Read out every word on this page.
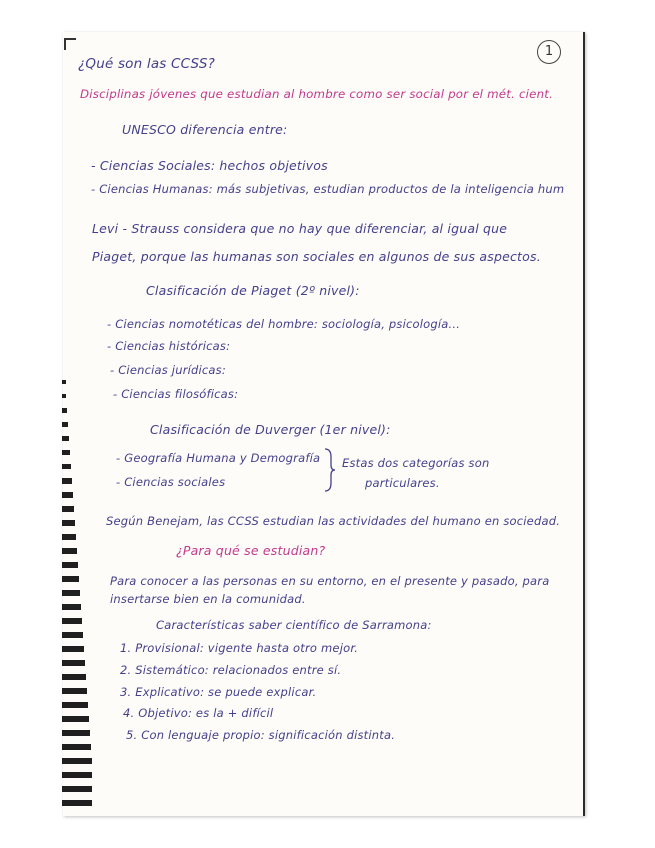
1
¿Qué son las CCSS?
Disciplinas jóvenes que estudian al hombre como ser social por el mét. cient.
UNESCO diferencia entre:
- Ciencias Sociales: hechos objetivos
- Ciencias Humanas: más subjetivas, estudian productos de la inteligencia hum
Levi - Strauss considera que no hay que diferenciar, al igual que
Piaget, porque las humanas son sociales en algunos de sus aspectos.
Clasificación de Piaget (2º nivel):
- Ciencias nomotéticas del hombre: sociología, psicología...
- Ciencias históricas:
- Ciencias jurídicas:
- Ciencias filosóficas:
Clasificación de Duverger (1er nivel):
- Geografía Humana y Demografía
- Ciencias sociales
Estas dos categorías son
particulares.
Según Benejam, las CCSS estudian las actividades del humano en sociedad.
¿Para qué se estudian?
Para conocer a las personas en su entorno, en el presente y pasado, para
insertarse bien en la comunidad.
Características saber científico de Sarramona:
1. Provisional: vigente hasta otro mejor.
2. Sistemático: relacionados entre sí.
3. Explicativo: se puede explicar.
4. Objetivo: es la + difícil
5. Con lenguaje propio: significación distinta.
